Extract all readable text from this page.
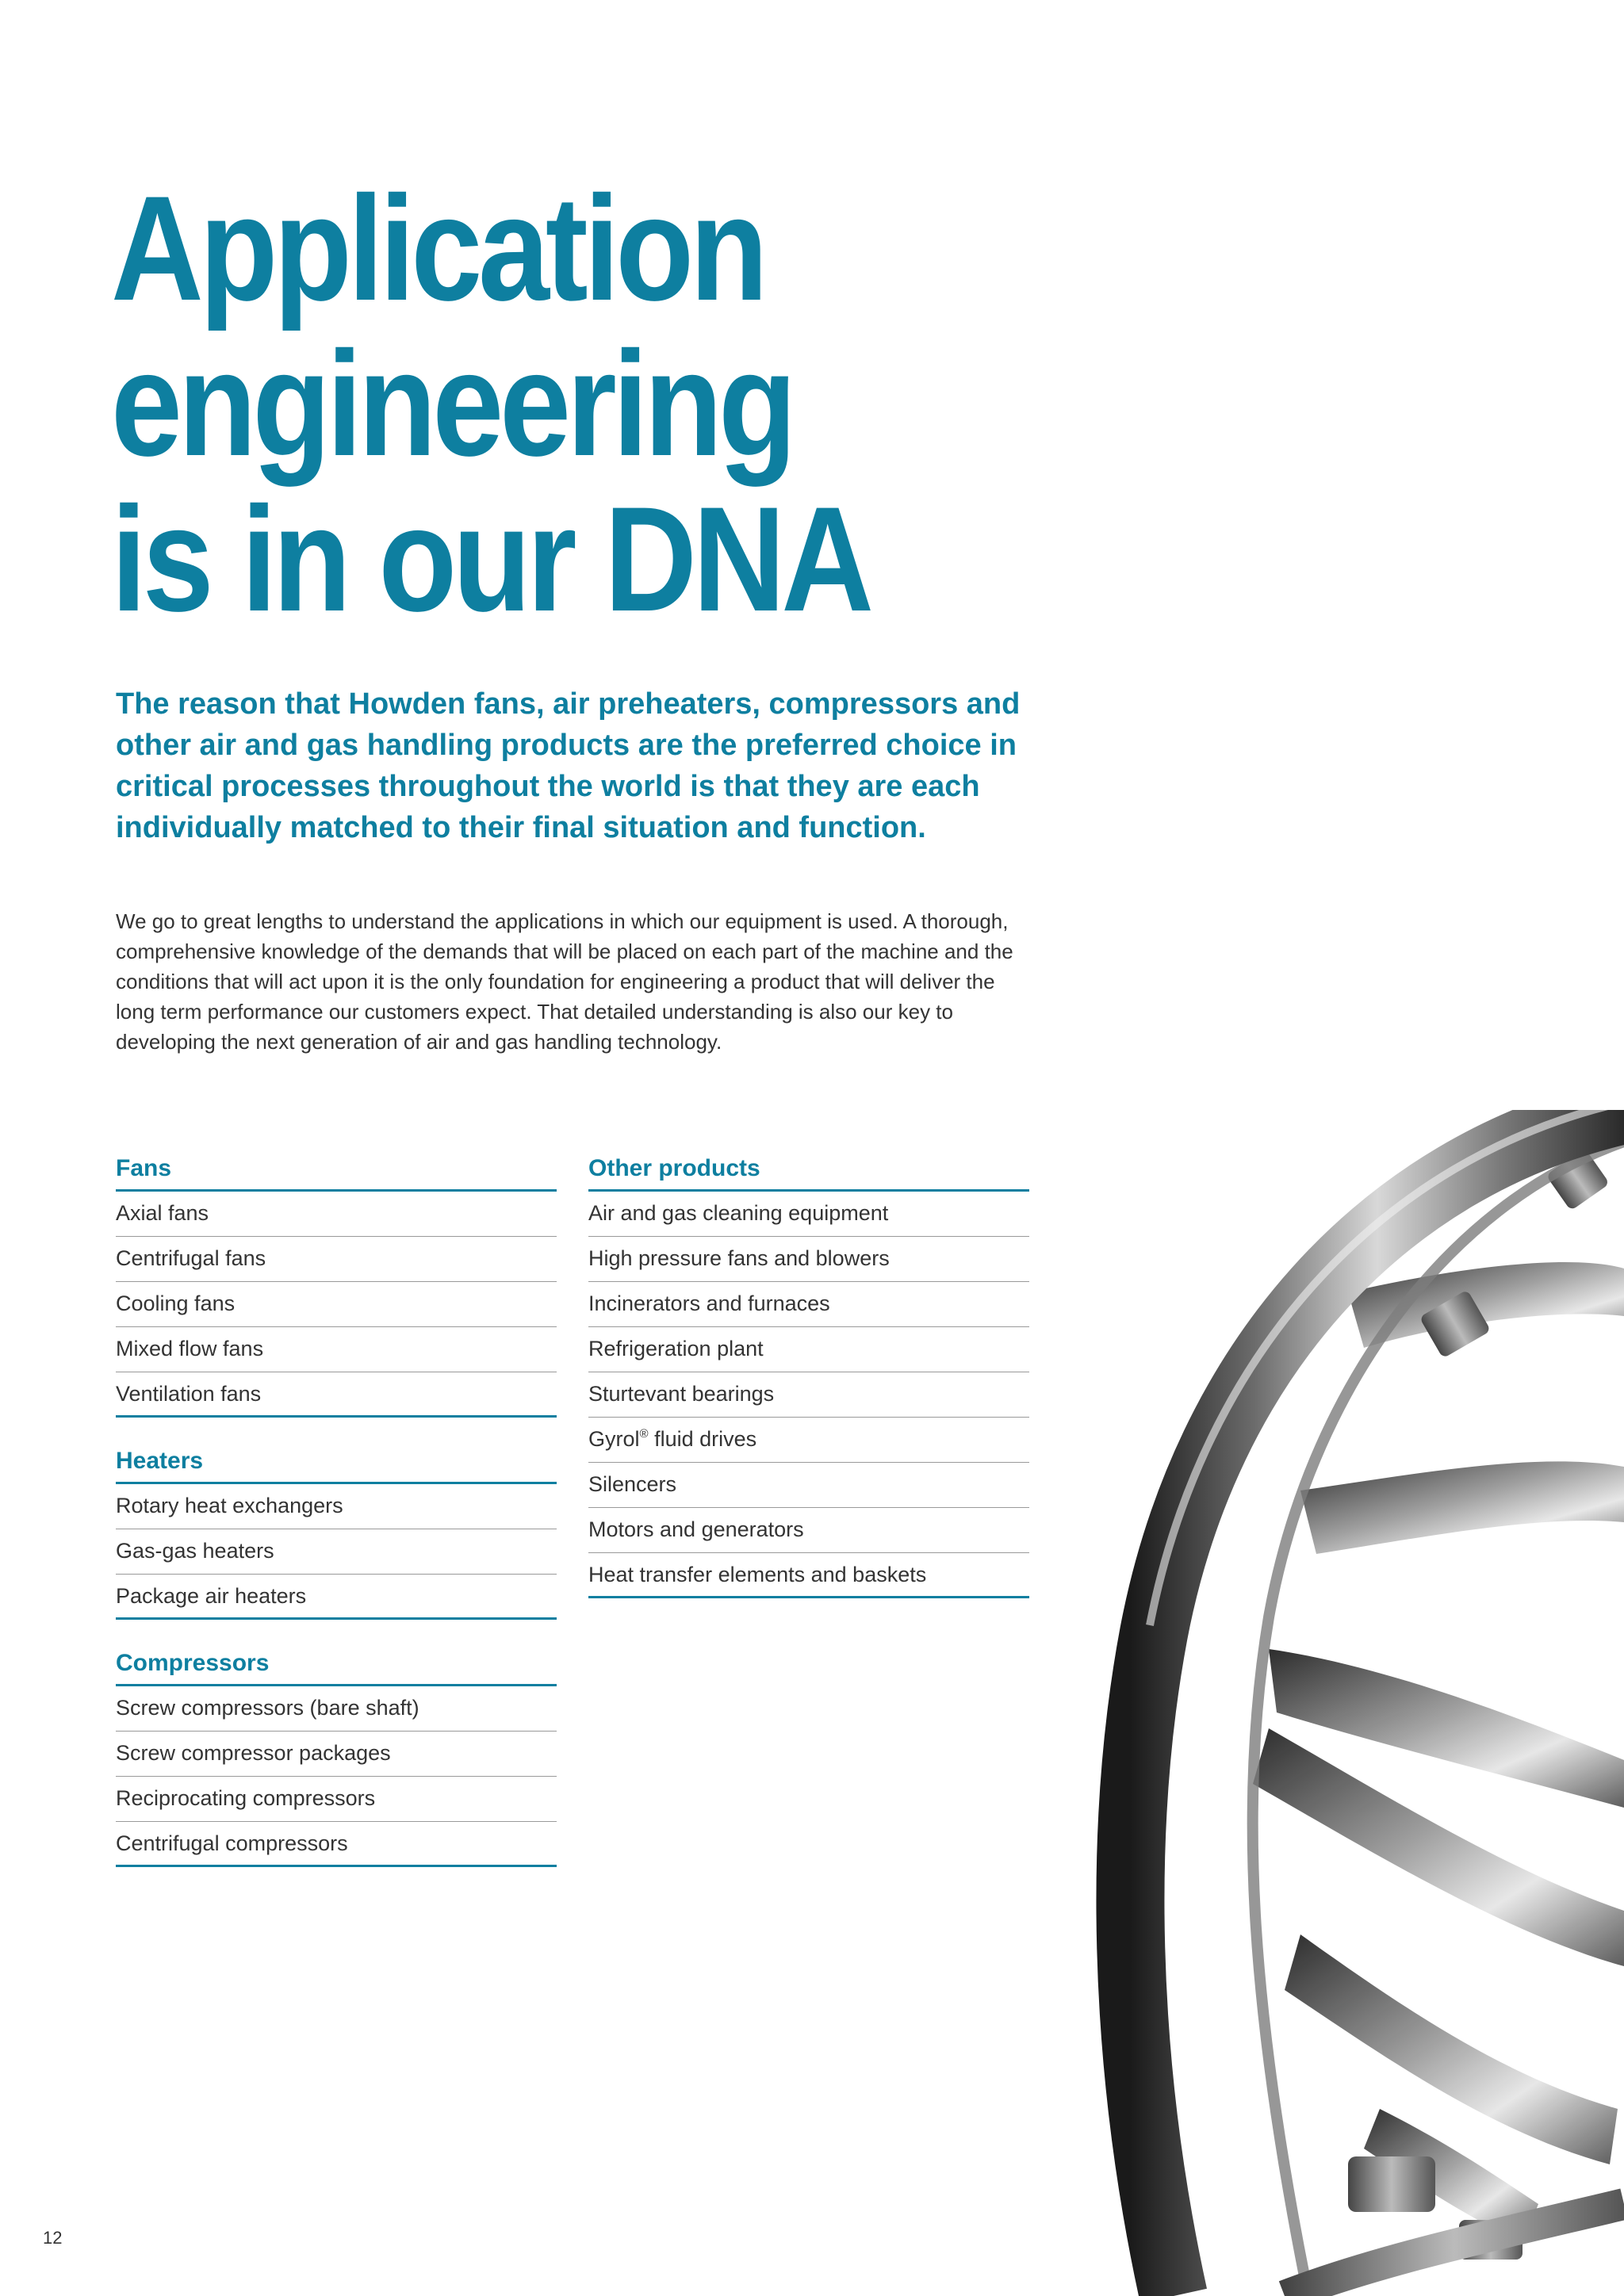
Application
engineering
is in our DNA

The reason that Howden fans, air preheaters, compressors and other air and gas handling products are the preferred choice in critical processes throughout the world is that they are each individually matched to their final situation and function.

We go to great lengths to understand the applications in which our equipment is used. A thorough, comprehensive knowledge of the demands that will be placed on each part of the machine and the conditions that will act upon it is the only foundation for engineering a product that will deliver the long term performance our customers expect. That detailed understanding is also our key to developing the next generation of air and gas handling technology.

Fans
Axial fans
Centrifugal fans
Cooling fans
Mixed flow fans
Ventilation fans
Heaters
Rotary heat exchangers
Gas-gas heaters
Package air heaters
Compressors
Screw compressors (bare shaft)
Screw compressor packages
Reciprocating compressors
Centrifugal compressors
Other products
Air and gas cleaning equipment
High pressure fans and blowers
Incinerators and furnaces
Refrigeration plant
Sturtevant bearings
Gyrol® fluid drives
Silencers
Motors and generators
Heat transfer elements and baskets
12
